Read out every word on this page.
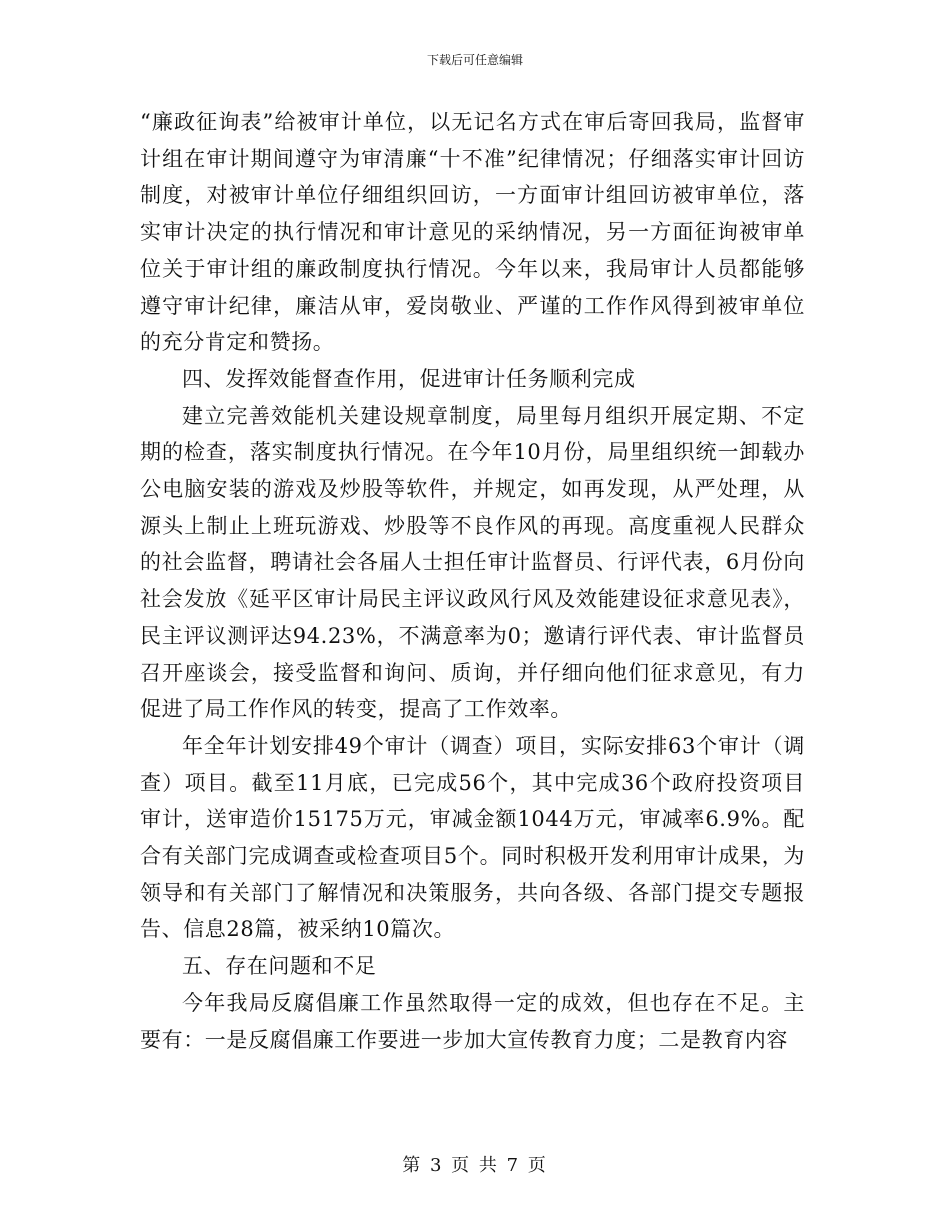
下载后可任意编辑

“廉政征询表”给被审计单位，以无记名方式在审后寄回我局，监督审计组在审计期间遵守为审清廉“十不准”纪律情况；仔细落实审计回访制度，对被审计单位仔细组织回访，一方面审计组回访被审单位，落实审计决定的执行情况和审计意见的采纳情况，另一方面征询被审单位关于审计组的廉政制度执行情况。今年以来，我局审计人员都能够遵守审计纪律，廉洁从审，爱岗敬业、严谨的工作作风得到被审单位的充分肯定和赞扬。

四、发挥效能督查作用，促进审计任务顺利完成

建立完善效能机关建设规章制度，局里每月组织开展定期、不定期的检查，落实制度执行情况。在今年10月份，局里组织统一卸载办公电脑安装的游戏及炒股等软件，并规定，如再发现，从严处理，从源头上制止上班玩游戏、炒股等不良作风的再现。高度重视人民群众的社会监督，聘请社会各届人士担任审计监督员、行评代表，6月份向社会发放《延平区审计局民主评议政风行风及效能建设征求意见表》，民主评议测评达94.23%，不满意率为0；邀请行评代表、审计监督员召开座谈会，接受监督和询问、质询，并仔细向他们征求意见，有力促进了局工作作风的转变，提高了工作效率。

年全年计划安排49个审计（调查）项目，实际安排63个审计（调查）项目。截至11月底，已完成56个，其中完成36个政府投资项目审计，送审造价15175万元，审减金额1044万元，审减率6.9%。配合有关部门完成调查或检查项目5个。同时积极开发利用审计成果，为领导和有关部门了解情况和决策服务，共向各级、各部门提交专题报告、信息28篇，被采纳10篇次。

五、存在问题和不足

今年我局反腐倡廉工作虽然取得一定的成效，但也存在不足。主要有：一是反腐倡廉工作要进一步加大宣传教育力度；二是教育内容

第 3 页 共 7 页
